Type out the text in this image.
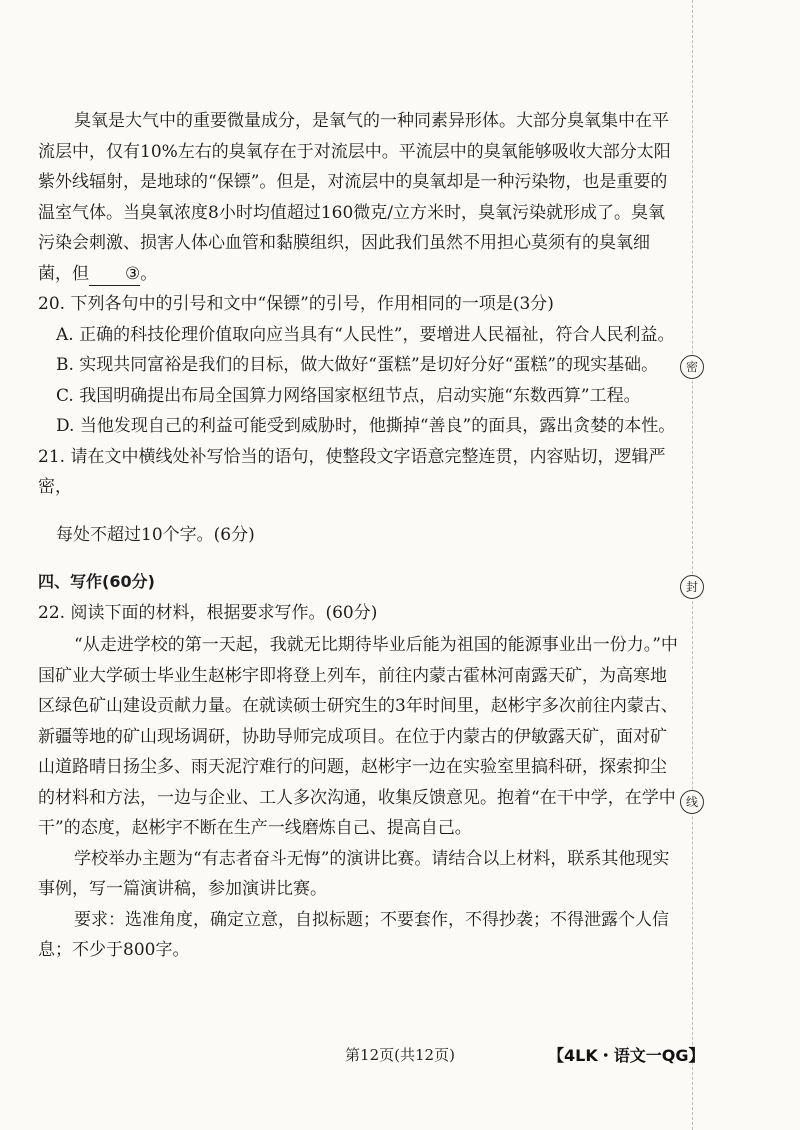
密
封
线

臭氧是大气中的重要微量成分，是氧气的一种同素异形体。大部分臭氧集中在平流层中，仅有10%左右的臭氧存在于对流层中。平流层中的臭氧能够吸收大部分太阳紫外线辐射，是地球的“保镖”。但是，对流层中的臭氧却是一种污染物，也是重要的温室气体。当臭氧浓度8小时均值超过160微克/立方米时，臭氧污染就形成了。臭氧污染会刺激、损害人体心血管和黏膜组织，因此我们虽然不用担心莫须有的臭氧细菌，但 ③。

20. 下列各句中的引号和文中“保镖”的引号，作用相同的一项是(3分)

A. 正确的科技伦理价值取向应当具有“人民性”，要增进人民福祉，符合人民利益。

B. 实现共同富裕是我们的目标，做大做好“蛋糕”是切好分好“蛋糕”的现实基础。

C. 我国明确提出布局全国算力网络国家枢纽节点，启动实施“东数西算”工程。

D. 当他发现自己的利益可能受到威胁时，他撕掉“善良”的面具，露出贪婪的本性。

21. 请在文中横线处补写恰当的语句，使整段文字语意完整连贯，内容贴切，逻辑严密，

每处不超过10个字。(6分)

四、写作(60分)

22. 阅读下面的材料，根据要求写作。(60分)

“从走进学校的第一天起，我就无比期待毕业后能为祖国的能源事业出一份力。”中国矿业大学硕士毕业生赵彬宇即将登上列车，前往内蒙古霍林河南露天矿，为高寒地区绿色矿山建设贡献力量。在就读硕士研究生的3年时间里，赵彬宇多次前往内蒙古、新疆等地的矿山现场调研，协助导师完成项目。在位于内蒙古的伊敏露天矿，面对矿山道路晴日扬尘多、雨天泥泞难行的问题，赵彬宇一边在实验室里搞科研，探索抑尘的材料和方法，一边与企业、工人多次沟通，收集反馈意见。抱着“在干中学，在学中干”的态度，赵彬宇不断在生产一线磨炼自己、提高自己。

学校举办主题为“有志者奋斗无悔”的演讲比赛。请结合以上材料，联系其他现实事例，写一篇演讲稿，参加演讲比赛。

要求：选准角度，确定立意，自拟标题；不要套作，不得抄袭；不得泄露个人信息；不少于800字。

第12页(共12页)	【4LK・语文一QG】
